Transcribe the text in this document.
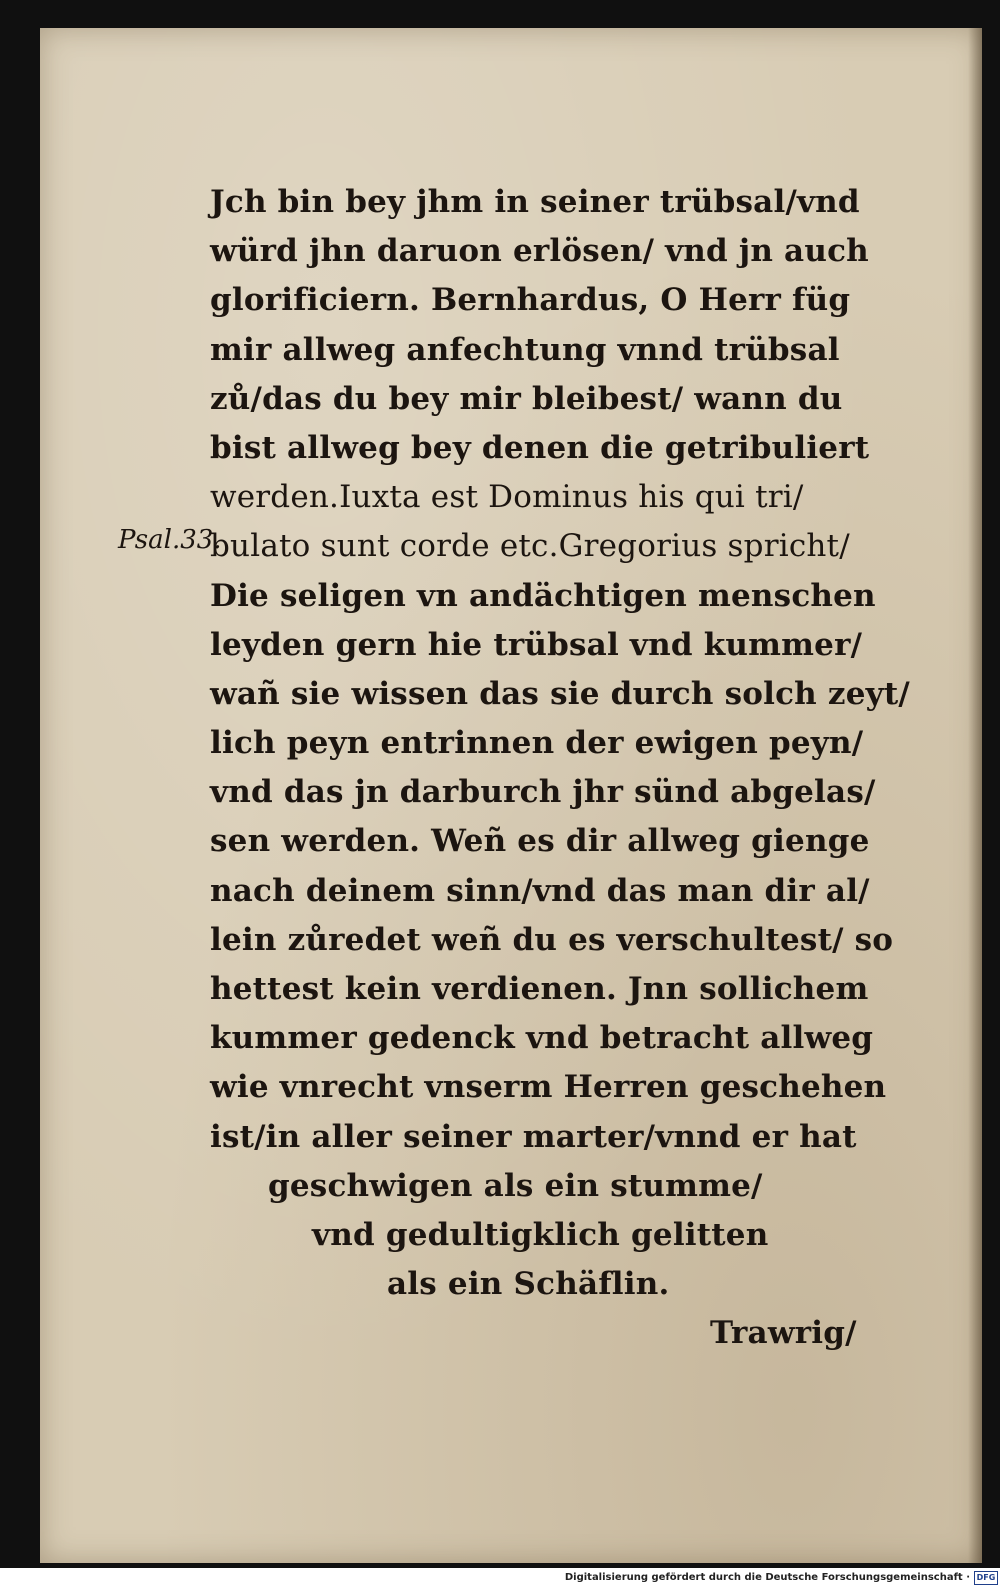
Psal.33.
Jch bin bey jhm in seiner trübsal/vnd
würd jhn daruon erlösen/ vnd jn auch
glorificiern. Bernhardus, O Herr füg
mir allweg anfechtung vnnd trübsal
zů/das du bey mir bleibest/ wann du
bist allweg bey denen die getribuliert
werden.Iuxta est Dominus his qui tri/
bulato sunt corde etc.Gregorius spricht/
Die seligen vn andächtigen menschen
leyden gern hie trübsal vnd kummer/
wañ sie wissen das sie durch solch zeyt/
lich peyn entrinnen der ewigen peyn/
vnd das jn darburch jhr sünd abgelas/
sen werden. Weñ es dir allweg gienge
nach deinem sinn/vnd das man dir al/
lein zůredet weñ du es verschultest/ so
hettest kein verdienen. Jnn sollichem
kummer gedenck vnd betracht allweg
wie vnrecht vnserm Herren geschehen
ist/in aller seiner marter/vnnd er hat
geschwigen als ein stumme/
vnd gedultigklich gelitten
als ein Schäflin.
Trawrig/
Digitalisierung gefördert durch die Deutsche Forschungsgemeinschaft · DFG
